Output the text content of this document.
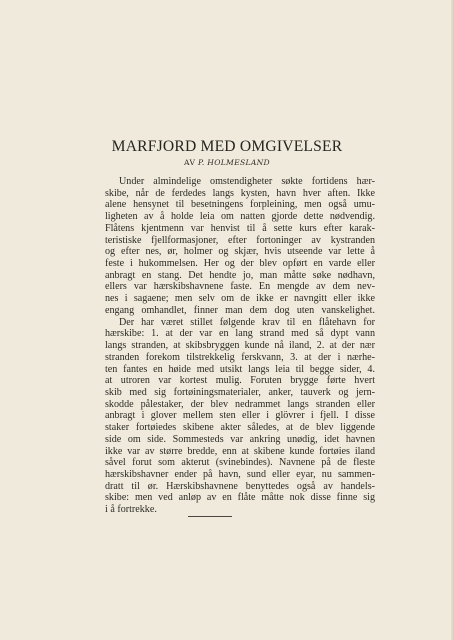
MARFJORD MED OMGIVELSER
AV P. HOLMESLAND
Under almindelige omstendigheter søkte fortidens hær-
skibe, når de ferdedes langs kysten, havn hver aften. Ikke
alene hensynet til besetningens forpleining, men også umu-
ligheten av å holde leia om natten gjorde dette nødvendig.
Flåtens kjentmenn var henvist til å sette kurs efter karak-
teristiske fjellformasjoner, efter fortoninger av kystranden
og efter nes, ør, holmer og skjær, hvis utseende var lette å
feste i hukommelsen. Her og der blev opført en varde eller
anbragt en stang. Det hendte jo, man måtte søke nødhavn,
ellers var hærskibshavnene faste. En mengde av dem nev-
nes i sagaene; men selv om de ikke er navngitt eller ikke
engang omhandlet, finner man dem dog uten vanskelighet.
Der har været stillet følgende krav til en flåtehavn for
hærskibe: 1. at der var en lang strand med så dypt vann
langs stranden, at skibsbryggen kunde nå iland, 2. at der nær
stranden forekom tilstrekkelig ferskvann, 3. at der i nærhe-
ten fantes en høide med utsikt langs leia til begge sider, 4.
at utroren var kortest mulig. Foruten brygge førte hvert
skib med sig fortøiningsmaterialer, anker, tauverk og jern-
skodde pålestaker, der blev nedrammet langs stranden eller
anbragt i glover mellem sten eller i glövrer i fjell. I disse
staker fortøiedes skibene akter således, at de blev liggende
side om side. Sommesteds var ankring unødig, idet havnen
ikke var av større bredde, enn at skibene kunde fortøies iland
såvel forut som akterut (svinebindes). Navnene på de fleste
hærskibshavner ender på havn, sund eller eyar, nu sammen-
dratt til ør. Hærskibshavnene benyttedes også av handels-
skibe: men ved anløp av en flåte måtte nok disse finne sig
i å fortrekke.
